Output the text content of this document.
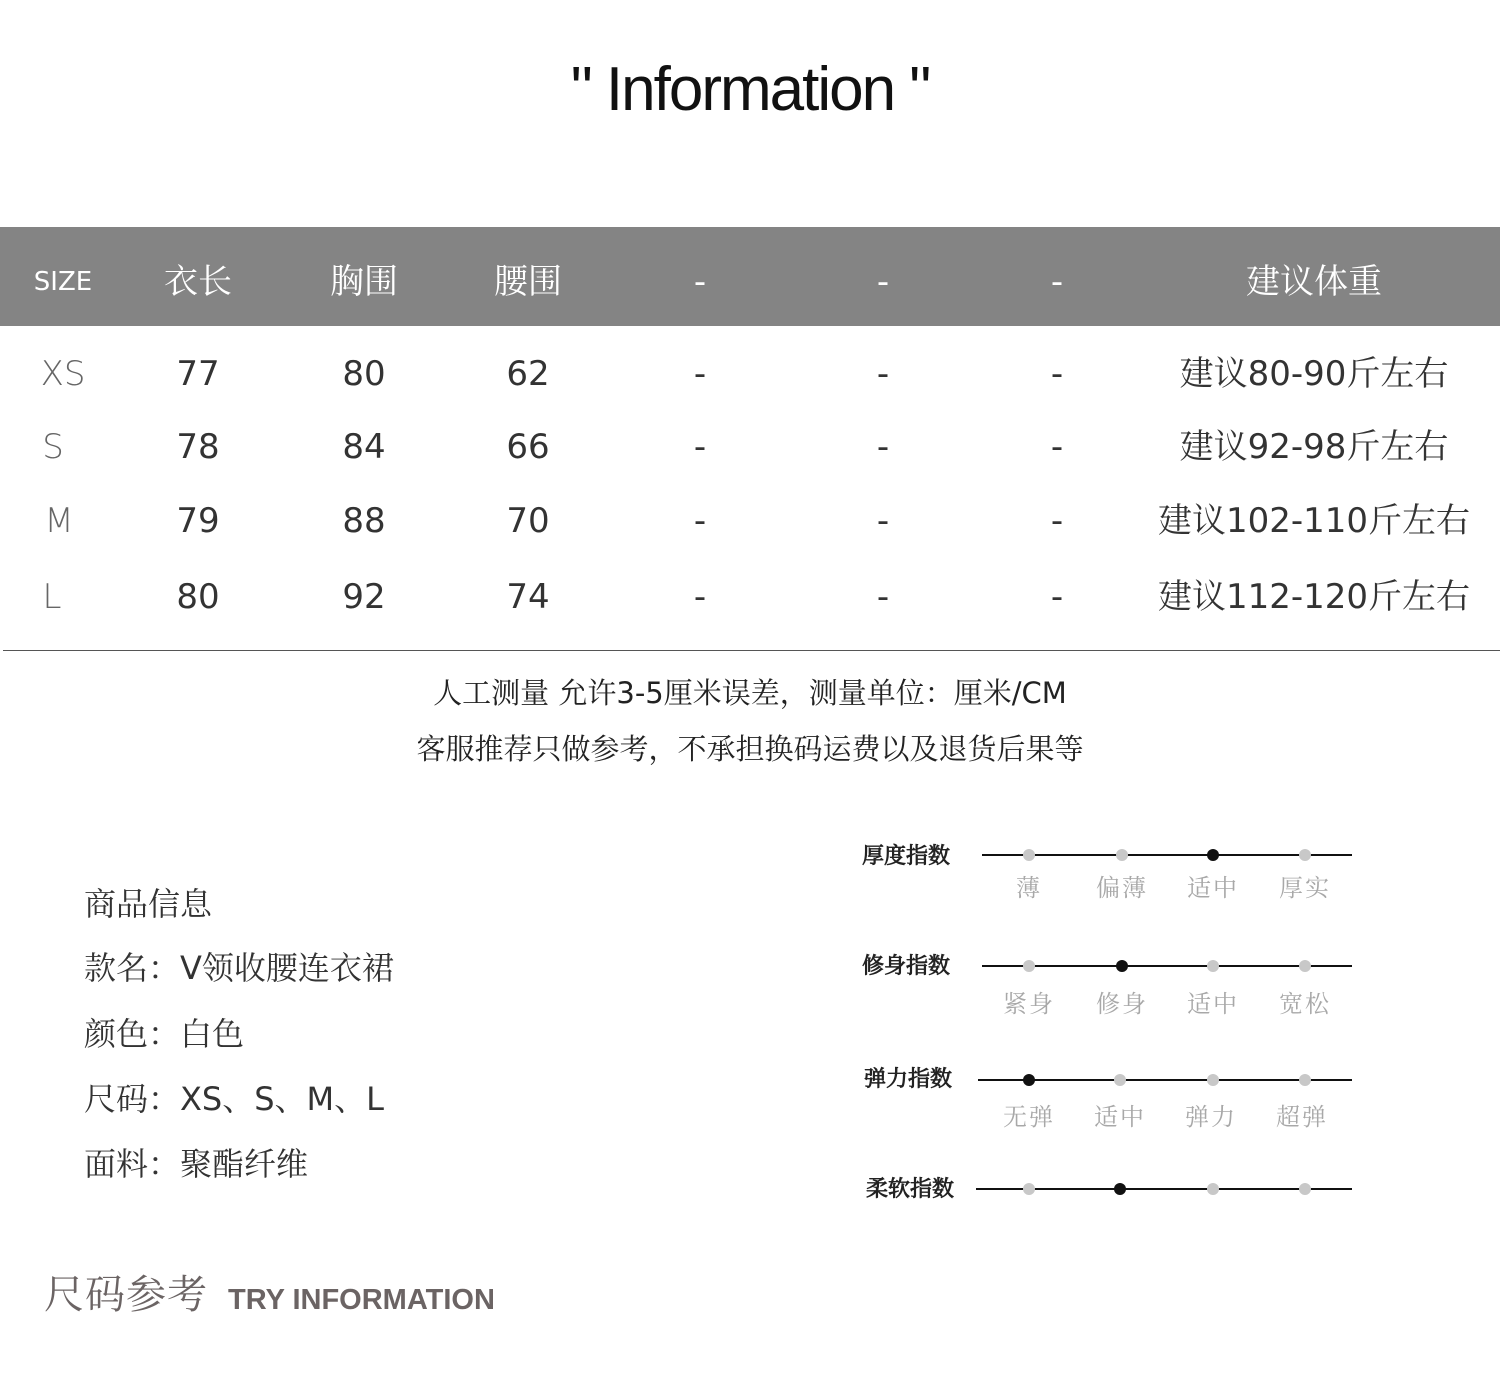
" Information "
SIZE 衣长	胸围	腰围	-	-	-	建议体重
XS	77	80	62	-	-	-	建议80-90斤左右
S	78	84	66	-	-	-	建议92-98斤左右
M	79	88	70	-	-	-	建议102-110斤左右
L	80	92	74	-	-	-	建议112-120斤左右
人工测量 允许3-5厘米误差，测量单位：厘米/CM
客服推荐只做参考，不承担换码运费以及退货后果等
商品信息
款名：V领收腰连衣裙
颜色：白色
尺码：XS、S、M、L
面料：聚酯纤维
厚度指数
薄 偏薄 适中 厚实
修身指数
紧身 修身 适中 宽松
弹力指数
无弹 适中 弹力 超弹
柔软指数
尺码参考 TRY INFORMATION
